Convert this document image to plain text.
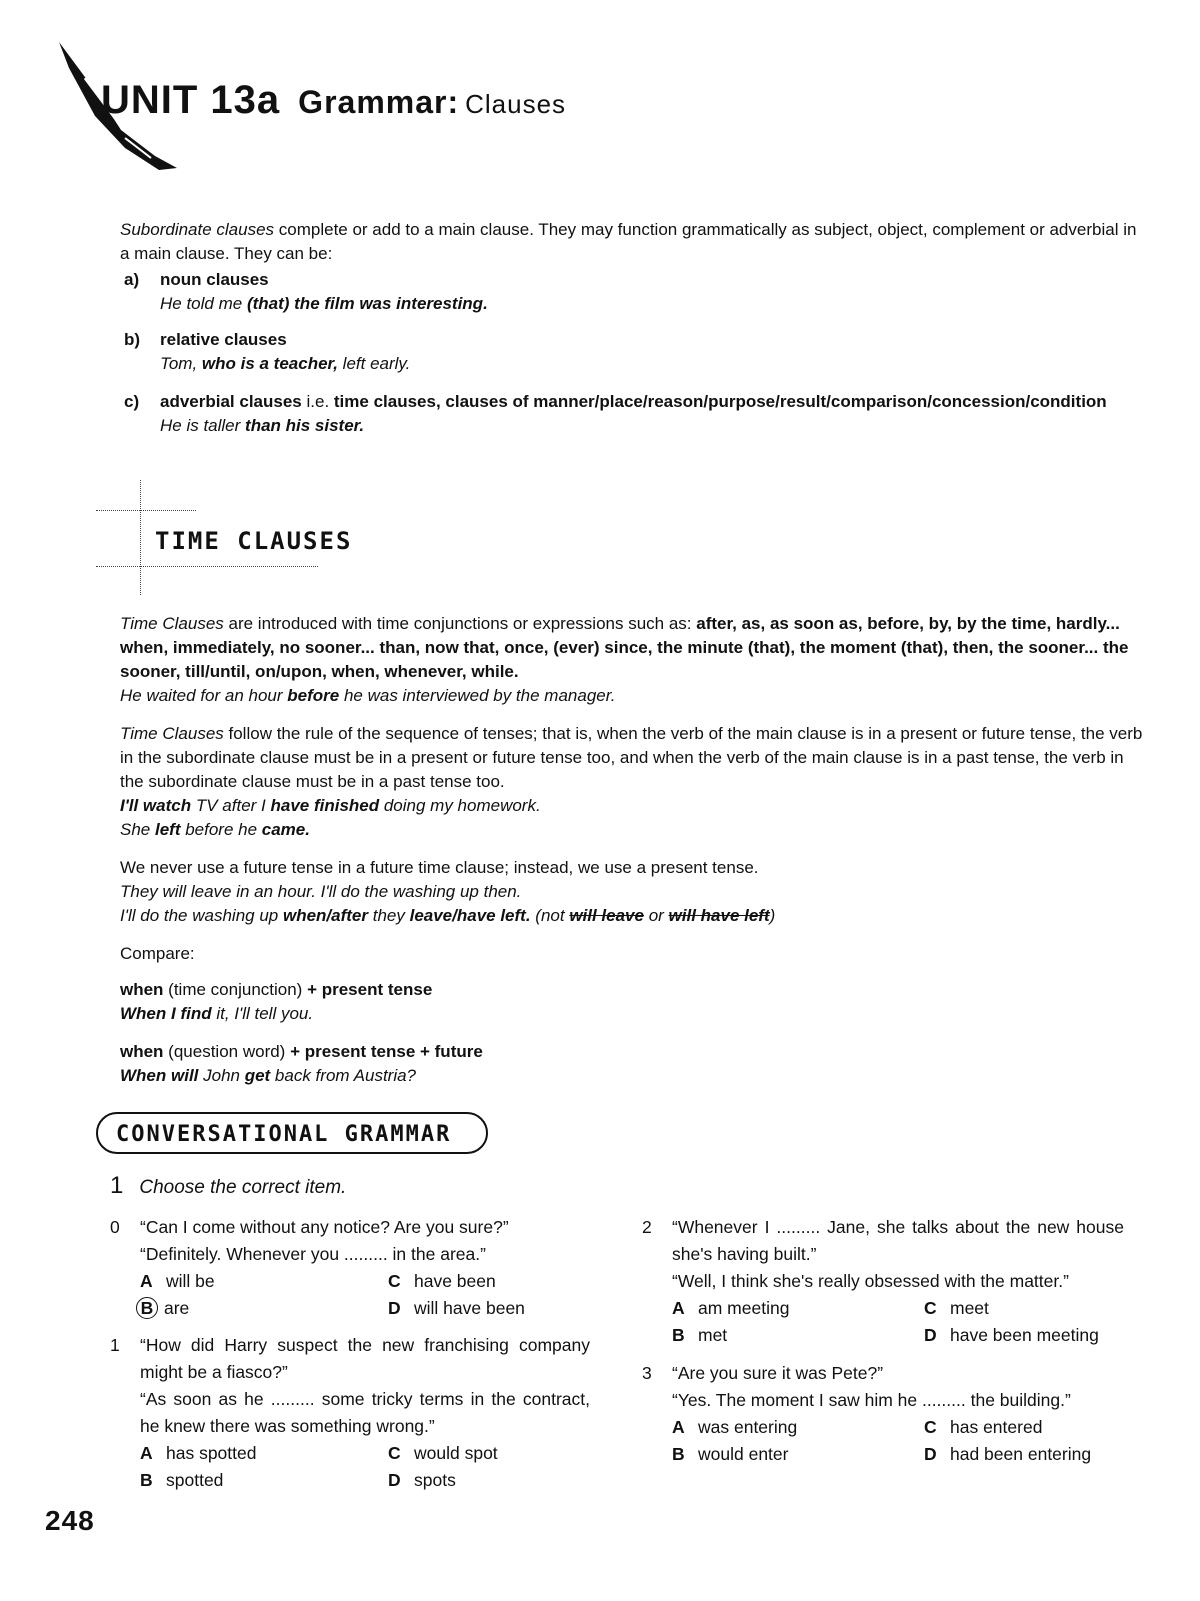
UNIT 13a Grammar: Clauses
Subordinate clauses complete or add to a main clause. They may function grammatically as subject, object, complement or adverbial in a main clause. They can be:
a) noun clauses
He told me (that) the film was interesting.
b) relative clauses
Tom, who is a teacher, left early.
c) adverbial clauses i.e. time clauses, clauses of manner/place/reason/purpose/result/comparison/concession/condition
He is taller than his sister.
TIME CLAUSES
Time Clauses are introduced with time conjunctions or expressions such as: after, as, as soon as, before, by, by the time, hardly... when, immediately, no sooner... than, now that, once, (ever) since, the minute (that), the moment (that), then, the sooner... the sooner, till/until, on/upon, when, whenever, while.
He waited for an hour before he was interviewed by the manager.
Time Clauses follow the rule of the sequence of tenses; that is, when the verb of the main clause is in a present or future tense, the verb in the subordinate clause must be in a present or future tense too, and when the verb of the main clause is in a past tense, the verb in the subordinate clause must be in a past tense too.
I'll watch TV after I have finished doing my homework.
She left before he came.
We never use a future tense in a future time clause; instead, we use a present tense.
They will leave in an hour. I'll do the washing up then.
I'll do the washing up when/after they leave/have left. (not will leave or will have left)
Compare:
when (time conjunction) + present tense
When I find it, I'll tell you.
when (question word) + present tense + future
When will John get back from Austria?
CONVERSATIONAL GRAMMAR
1 Choose the correct item.
0 “Can I come without any notice? Are you sure?”
“Definitely. Whenever you ......... in the area.”
A will be	C have been
B are	D will have been
1 “How did Harry suspect the new franchising company might be a fiasco?”
“As soon as he ......... some tricky terms in the contract, he knew there was something wrong.”
A has spotted	C would spot
B spotted	D spots
2 “Whenever I ......... Jane, she talks about the new house she's having built.”
“Well, I think she's really obsessed with the matter.”
A am meeting	C meet
B met	D have been meeting
3 “Are you sure it was Pete?”
“Yes. The moment I saw him he ......... the building.”
A was entering	C has entered
B would enter	D had been entering
248
